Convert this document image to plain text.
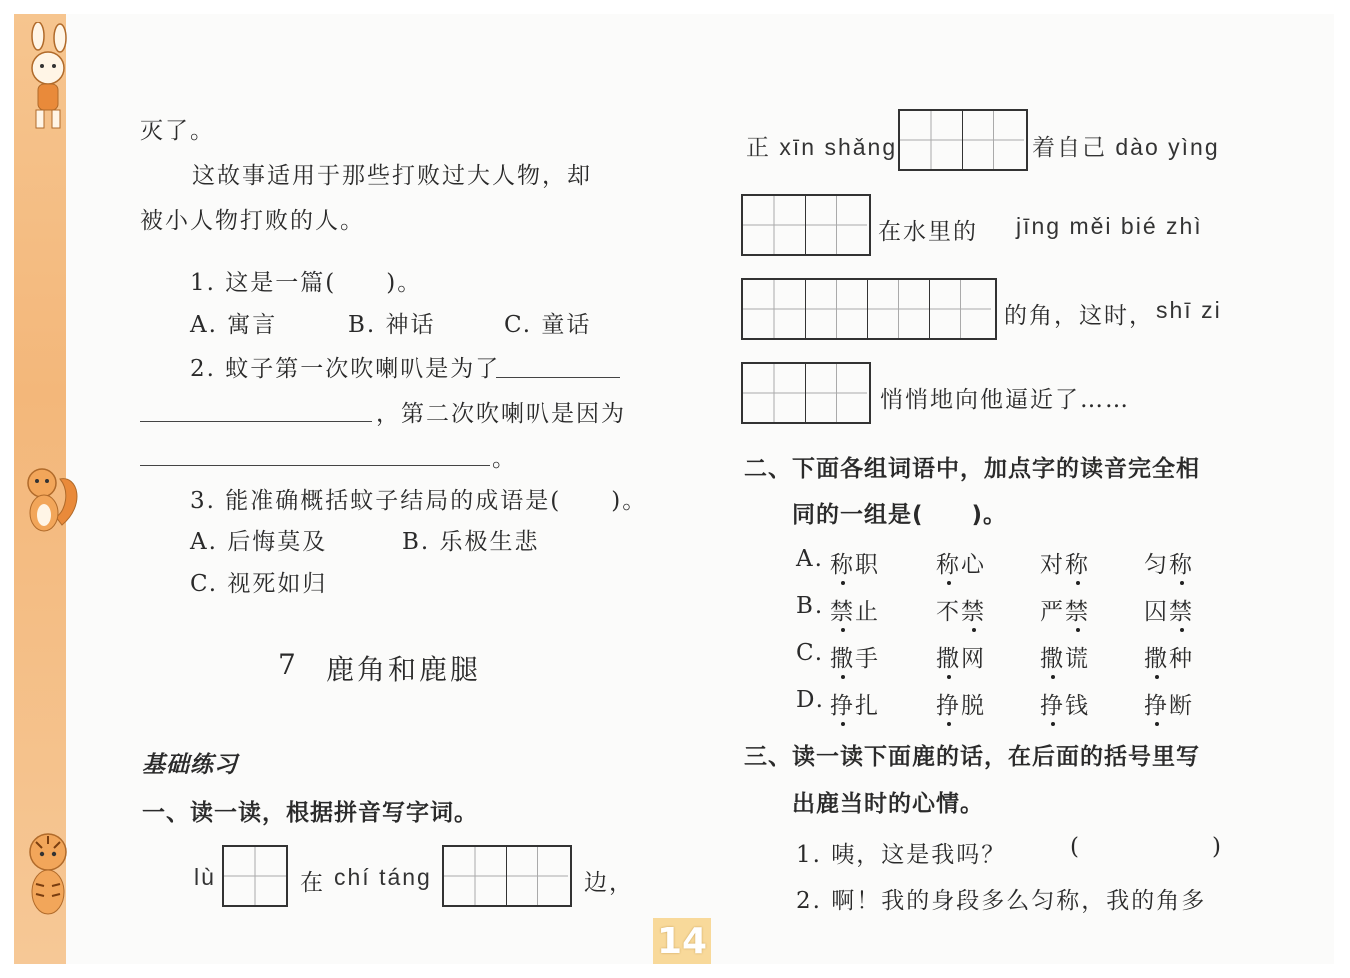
灭了。
这故事适用于那些打败过大人物，却
被小人物打败的人。
1. 这是一篇(　　)。
A. 寓言	B. 神话	C. 童话
2. 蚊子第一次吹喇叭是为了
，第二次吹喇叭是因为
。
3. 能准确概括蚊子结局的成语是(　　)。
A. 后悔莫及	B. 乐极生悲
C. 视死如归
7 鹿角和鹿腿
基础练习
一、读一读，根据拼音写字词。
lù	在 chí táng	边，
正 xīn shǎng	着自己 dào yìng
在水里的 jīng měi bié zhì
的角，这时， shī zi
悄悄地向他逼近了……
二、下面各组词语中，加点字的读音完全相
同的一组是(　　)。
A. 称职 称心 对称 匀称
B. 禁止 不禁 严禁 囚禁
C. 撒手 撒网 撒谎 撒种
D. 挣扎 挣脱 挣钱 挣断
三、读一读下面鹿的话，在后面的括号里写
出鹿当时的心情。
1. 咦，这是我吗？	(	)
2. 啊！我的身段多么匀称，我的角多
14
